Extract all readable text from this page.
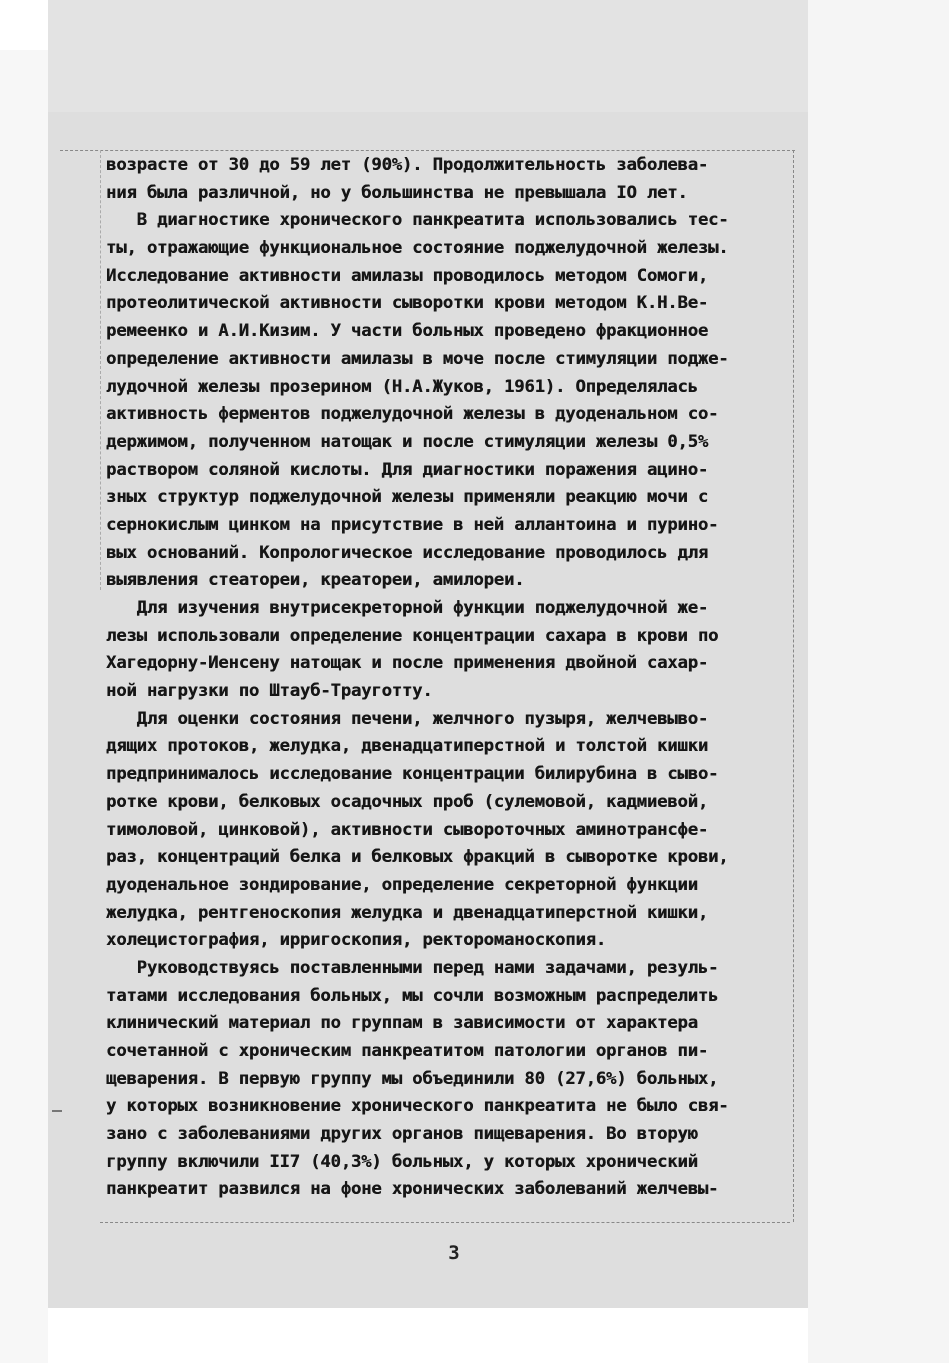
возрасте от 30 до 59 лет (90%). Продолжительность заболева-
ния была различной, но у большинства не превышала IO лет.
В диагностике хронического панкреатита использовались тес-
ты, отражающие функциональное состояние поджелудочной железы.
Исследование активности амилазы проводилось методом Сомоги,
протеолитической активности сыворотки крови методом К.Н.Ве-
ремеенко и А.И.Кизим. У части больных проведено фракционное
определение активности амилазы в моче после стимуляции подже-
лудочной железы прозерином (Н.А.Жуков, 1961). Определялась
активность ферментов поджелудочной железы в дуоденальном со-
держимом, полученном натощак и после стимуляции железы 0,5%
раствором соляной кислоты. Для диагностики поражения ацино-
зных структур поджелудочной железы применяли реакцию мочи с
сернокислым цинком на присутствие в ней аллантоина и пурино-
вых оснований. Копрологическое исследование проводилось для
выявления стеатореи, креатореи, амилореи.
Для изучения внутрисекреторной функции поджелудочной же-
лезы использовали определение концентрации сахара в крови по
Хагедорну-Иенсену натощак и после применения двойной сахар-
ной нагрузки по Штауб-Трауготту.
Для оценки состояния печени, желчного пузыря, желчевыво-
дящих протоков, желудка, двенадцатиперстной и толстой кишки
предпринималось исследование концентрации билирубина в сыво-
ротке крови, белковых осадочных проб (сулемовой, кадмиевой,
тимоловой, цинковой), активности сывороточных аминотрансфе-
раз, концентраций белка и белковых фракций в сыворотке крови,
дуоденальное зондирование, определение секреторной функции
желудка, рентгеноскопия желудка и двенадцатиперстной кишки,
холецистография, ирригоскопия, ректороманоскопия.
Руководствуясь поставленными перед нами задачами, резуль-
татами исследования больных, мы сочли возможным распределить
клинический материал по группам в зависимости от характера
сочетанной с хроническим панкреатитом патологии органов пи-
щеварения. В первую группу мы объединили 80 (27,6%) больных,
у которых возникновение хронического панкреатита не было свя-
зано с заболеваниями других органов пищеварения. Во вторую
группу включили II7 (40,3%) больных, у которых хронический
панкреатит развился на фоне хронических заболеваний желчевы-
3
